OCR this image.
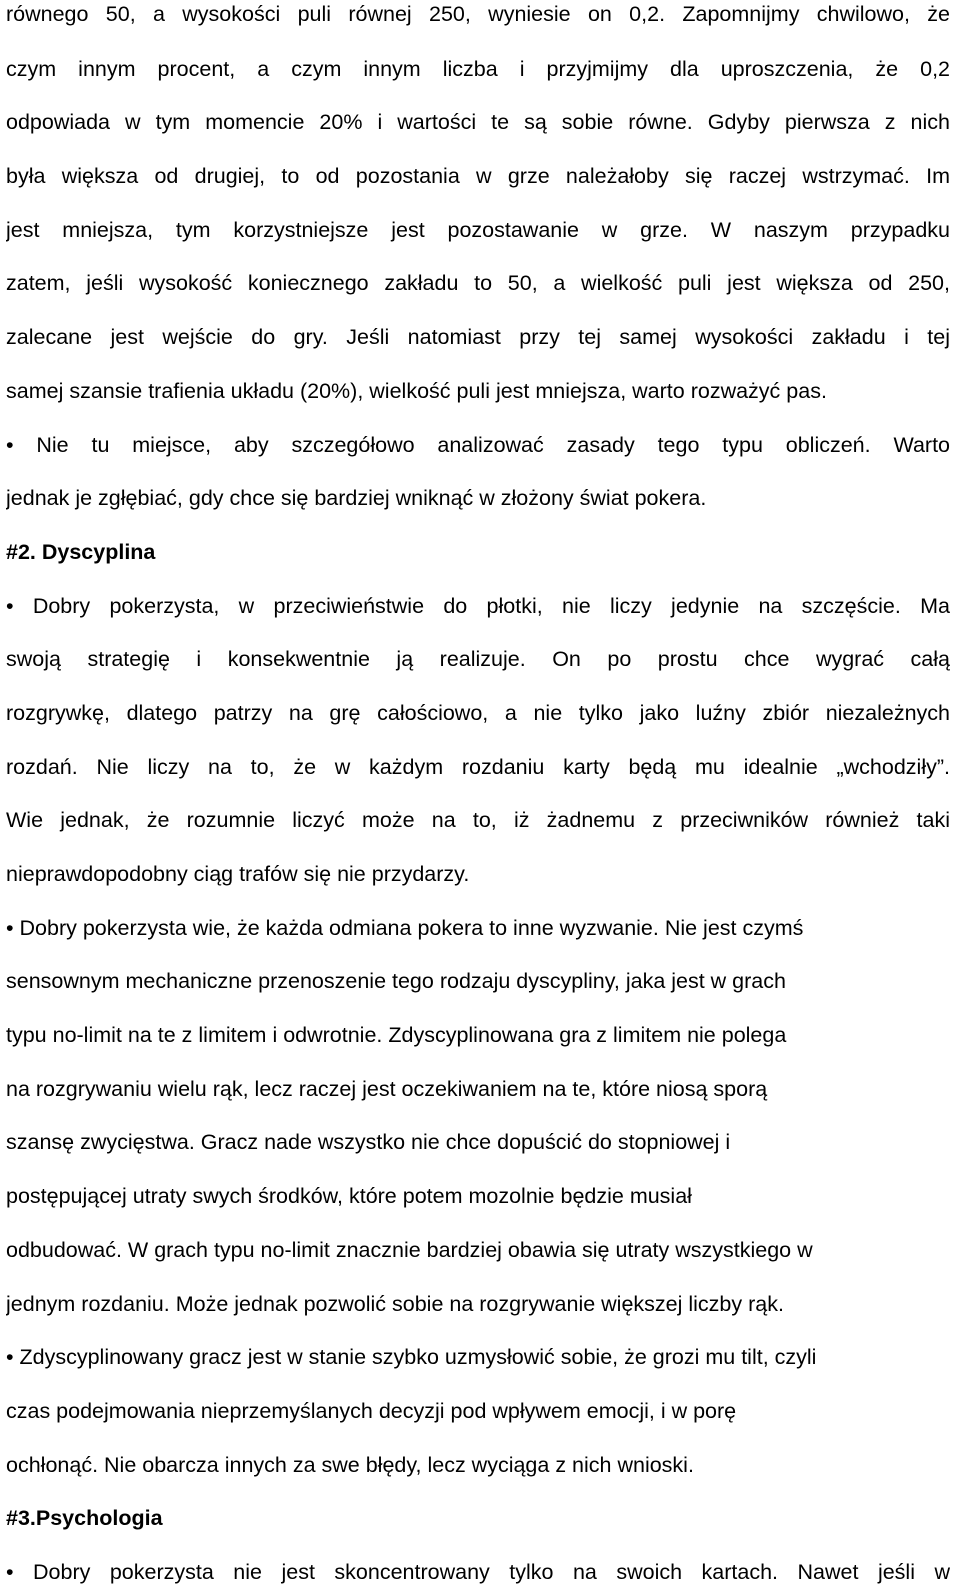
równego 50, a wysokości puli równej 250, wyniesie on 0,2. Zapomnijmy chwilowo, że
czym innym procent, a czym innym liczba i przyjmijmy dla uproszczenia, że 0,2
odpowiada w tym momencie 20% i wartości te są sobie równe. Gdyby pierwsza z nich
była większa od drugiej, to od pozostania w grze należałoby się raczej wstrzymać. Im
jest mniejsza, tym korzystniejsze jest pozostawanie w grze. W naszym przypadku
zatem, jeśli wysokość koniecznego zakładu to 50, a wielkość puli jest większa od 250,
zalecane jest wejście do gry. Jeśli natomiast przy tej samej wysokości zakładu i tej
samej szansie trafienia układu (20%), wielkość puli jest mniejsza, warto rozważyć pas.
• Nie tu miejsce, aby szczegółowo analizować zasady tego typu obliczeń. Warto
jednak je zgłębiać, gdy chce się bardziej wniknąć w złożony świat pokera.
#2. Dyscyplina
• Dobry pokerzysta, w przeciwieństwie do płotki, nie liczy jedynie na szczęście. Ma
swoją strategię i konsekwentnie ją realizuje. On po prostu chce wygrać całą
rozgrywkę, dlatego patrzy na grę całościowo, a nie tylko jako luźny zbiór niezależnych
rozdań. Nie liczy na to, że w każdym rozdaniu karty będą mu idealnie „wchodziły”.
Wie jednak, że rozumnie liczyć może na to, iż żadnemu z przeciwników również taki
nieprawdopodobny ciąg trafów się nie przydarzy.
• Dobry pokerzysta wie, że każda odmiana pokera to inne wyzwanie. Nie jest czymś
sensownym mechaniczne przenoszenie tego rodzaju dyscypliny, jaka jest w grach
typu no-limit na te z limitem i odwrotnie. Zdyscyplinowana gra z limitem nie polega
na rozgrywaniu wielu rąk, lecz raczej jest oczekiwaniem na te, które niosą sporą
szansę zwycięstwa. Gracz nade wszystko nie chce dopuścić do stopniowej i
postępującej utraty swych środków, które potem mozolnie będzie musiał
odbudować. W grach typu no-limit znacznie bardziej obawia się utraty wszystkiego w
jednym rozdaniu. Może jednak pozwolić sobie na rozgrywanie większej liczby rąk.
• Zdyscyplinowany gracz jest w stanie szybko uzmysłowić sobie, że grozi mu tilt, czyli
czas podejmowania nieprzemyślanych decyzji pod wpływem emocji, i w porę
ochłonąć. Nie obarcza innych za swe błędy, lecz wyciąga z nich wnioski.
#3.Psychologia
• Dobry pokerzysta nie jest skoncentrowany tylko na swoich kartach. Nawet jeśli w
